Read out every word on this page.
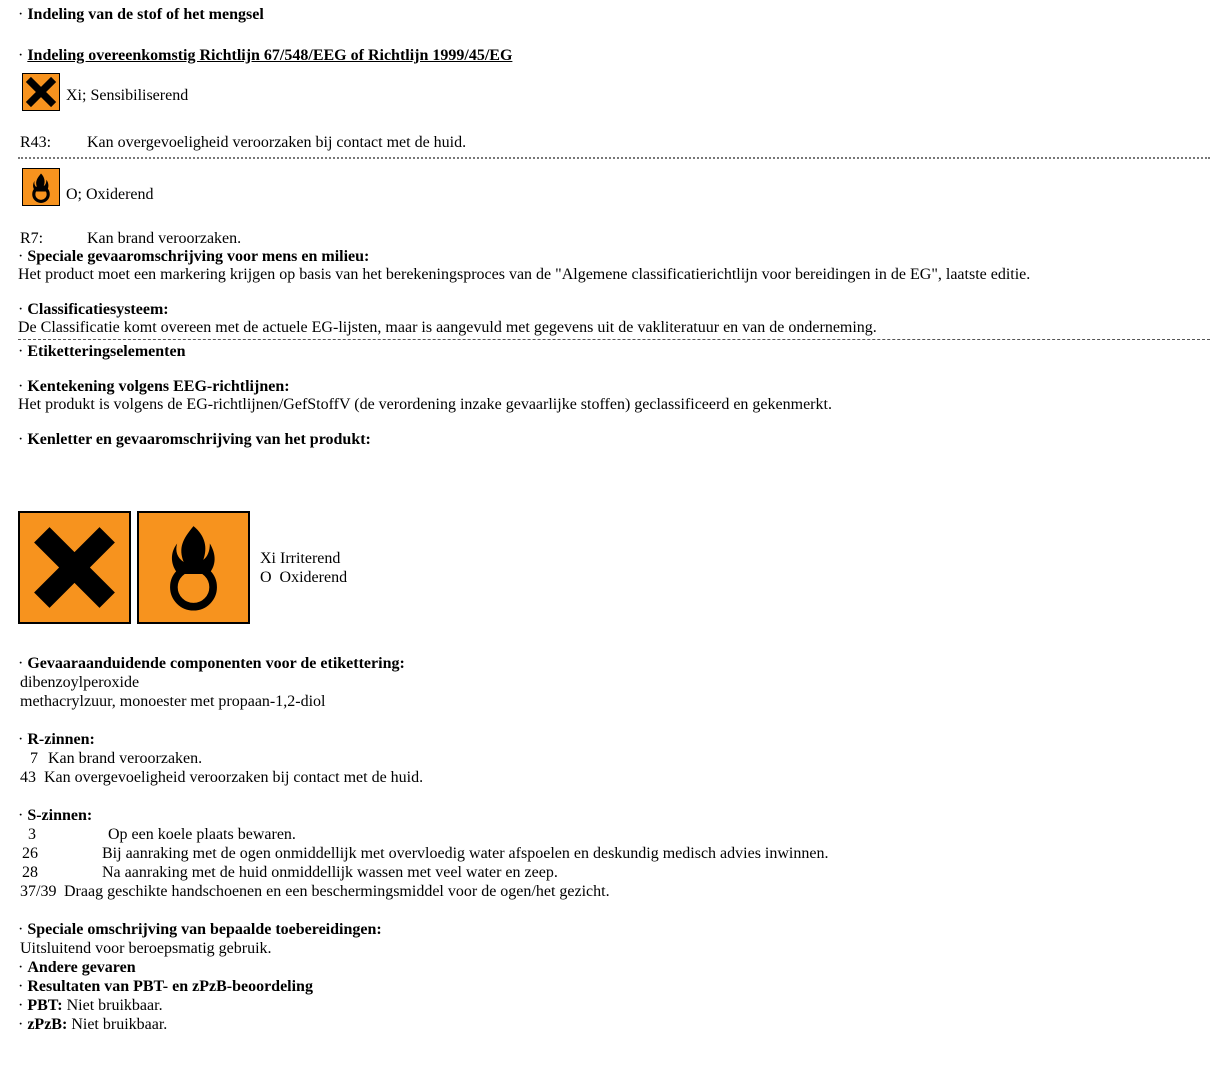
· Indeling van de stof of het mengsel
· Indeling overeenkomstig Richtlijn 67/548/EEG of Richtlijn 1999/45/EG
Xi; Sensibiliserend
R43: Kan overgevoeligheid veroorzaken bij contact met de huid.
O; Oxiderend
R7:	Kan brand veroorzaken.
· Speciale gevaaromschrijving voor mens en milieu:
Het product moet een markering krijgen op basis van het berekeningsproces van de "Algemene classificatierichtlijn voor bereidingen in de EG", laatste editie.
· Classificatiesysteem:
De Classificatie komt overeen met de actuele EG-lijsten, maar is aangevuld met gegevens uit de vakliteratuur en van de onderneming.
· Etiketteringselementen
· Kentekening volgens EEG-richtlijnen:
Het produkt is volgens de EG-richtlijnen/GefStoffV (de verordening inzake gevaarlijke stoffen) geclassificeerd en gekenmerkt.
· Kenletter en gevaaromschrijving van het produkt:
Xi Irriterend
O  Oxiderend
· Gevaaraanduidende componenten voor de etikettering:
dibenzoylperoxide
methacrylzuur, monoester met propaan-1,2-diol
· R-zinnen:
7 Kan brand veroorzaken.
43 Kan overgevoeligheid veroorzaken bij contact met de huid.
· S-zinnen:
3	Op een koele plaats bewaren.
26	Bij aanraking met de ogen onmiddellijk met overvloedig water afspoelen en deskundig medisch advies inwinnen.
28	Na aanraking met de huid onmiddellijk wassen met veel water en zeep.
37/39 Draag geschikte handschoenen en een beschermingsmiddel voor de ogen/het gezicht.
· Speciale omschrijving van bepaalde toebereidingen:
Uitsluitend voor beroepsmatig gebruik.
· Andere gevaren
· Resultaten van PBT- en zPzB-beoordeling
· PBT: Niet bruikbaar.
· zPzB: Niet bruikbaar.
